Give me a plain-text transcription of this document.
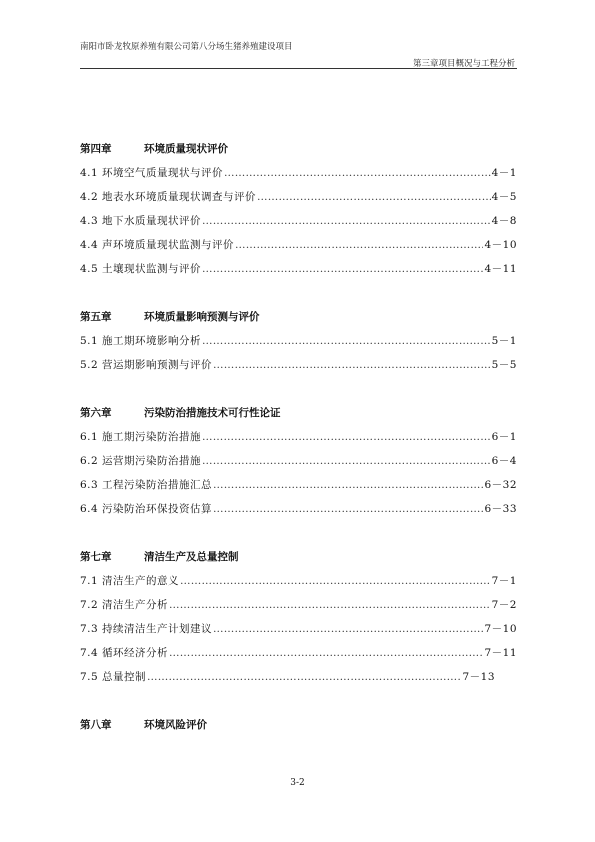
南阳市卧龙牧原养殖有限公司第八分场生猪养殖建设项目
第三章项目概况与工程分析
第四章	环境质量现状评价
4.1 环境空气质量现状与评价 …………………………………………………………………………………………………………………………………………………………………………………………	4－1
4.2 地表水环境质量现状调查与评价 …………………………………………………………………………………………………………………………………………………………………………………………	4－5
4.3 地下水质量现状评价 …………………………………………………………………………………………………………………………………………………………………………………………	4－8
4.4 声环境质量现状监测与评价 …………………………………………………………………………………………………………………………………………………………………………………………	4－10
4.5 土壤现状监测与评价 …………………………………………………………………………………………………………………………………………………………………………………………	4－11
第五章	环境质量影响预测与评价
5.1 施工期环境影响分析 …………………………………………………………………………………………………………………………………………………………………………………………	5－1
5.2 营运期影响预测与评价 …………………………………………………………………………………………………………………………………………………………………………………………	5－5
第六章	污染防治措施技术可行性论证
6.1 施工期污染防治措施 …………………………………………………………………………………………………………………………………………………………………………………………	6－1
6.2 运营期污染防治措施 …………………………………………………………………………………………………………………………………………………………………………………………	6－4
6.3 工程污染防治措施汇总 …………………………………………………………………………………………………………………………………………………………………………………………	6－32
6.4 污染防治环保投资估算 …………………………………………………………………………………………………………………………………………………………………………………………	6－33
第七章	清洁生产及总量控制
7.1 清洁生产的意义 …………………………………………………………………………………………………………………………………………………………………………………………	7－1
7.2 清洁生产分析 …………………………………………………………………………………………………………………………………………………………………………………………	7－2
7.3 持续清洁生产计划建议 …………………………………………………………………………………………………………………………………………………………………………………………	7－10
7.4 循环经济分析 …………………………………………………………………………………………………………………………………………………………………………………………	7－11
7.5 总量控制 …………………………………………………………………………………………………………………………………………………………………………………………	7－13
第八章	环境风险评价
3-2
